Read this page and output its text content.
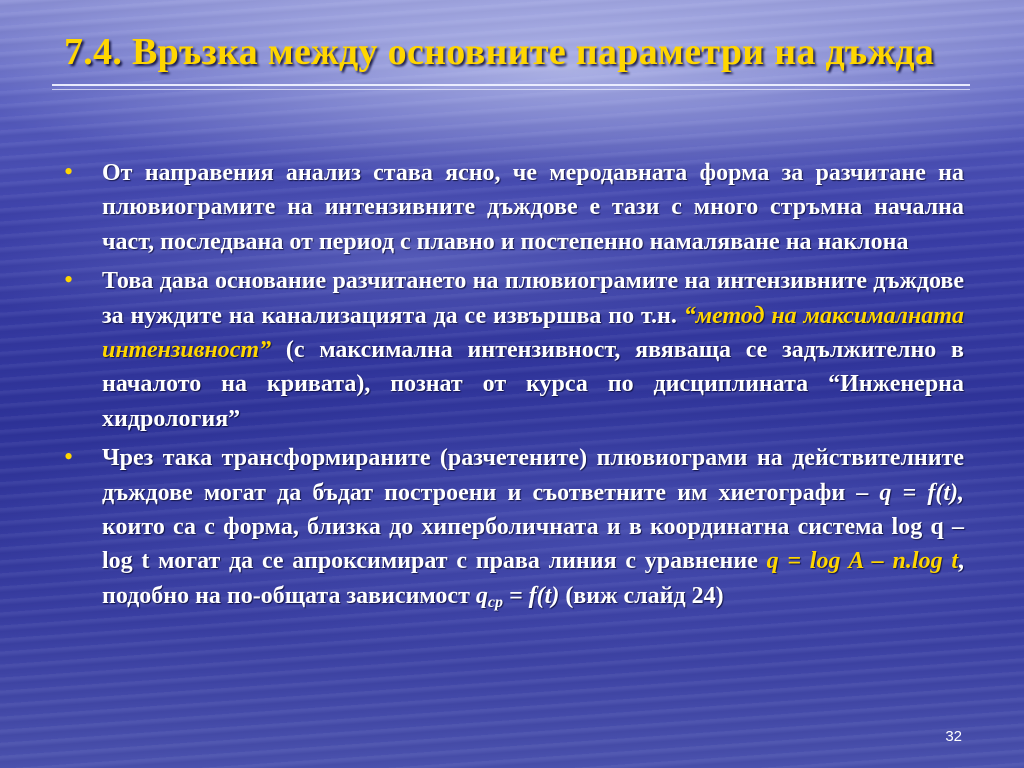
7.4. Връзка между основните параметри на дъжда
• От направения анализ става ясно, че меродавната форма за разчитане на плювиограмите на интензивните дъждове е тази с много стръмна начална част, последвана от период с плавно и постепенно намаляване на наклона
• Това дава основание разчитането на плювиограмите на интензивните дъждове за нуждите на канализацията да се извършва по т.н. “метод на максималната интензивност” (с максимална интензивност, явяваща се задължително в началото на кривата), познат от курса по дисциплината “Инженерна хидрология”
• Чрез така трансформираните (разчетените) плювиограми на действителните дъждове могат да бъдат построени и съответните им хиетографи – q = f(t), които са с форма, близка до хиперболичната и в координатна система log q – log t могат да се апроксимират с права линия с уравнение q = log A – n.log t, подобно на по-общата зависимост $q_{ср} = f(t)$ (виж слайд 24)
32
